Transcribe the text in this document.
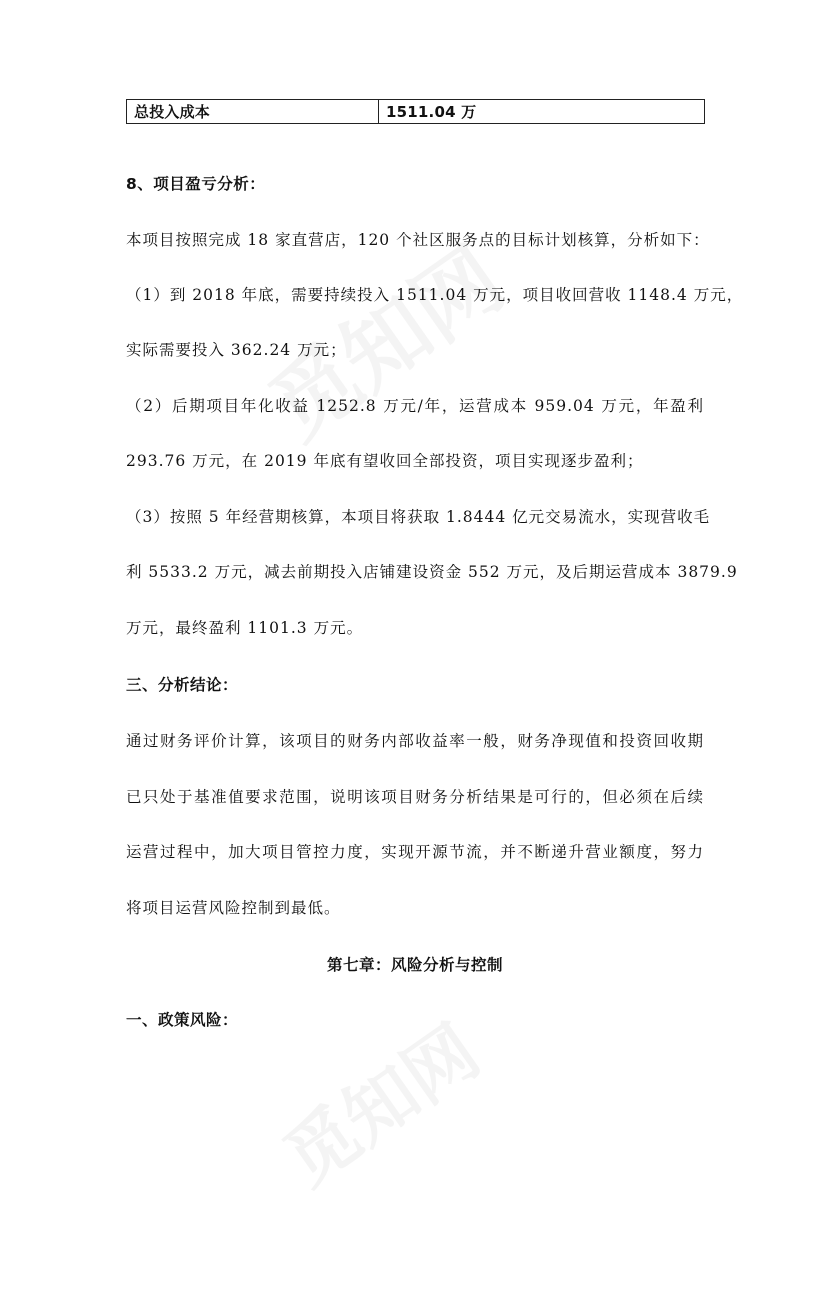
总投入成本	1511.04 万
8、项目盈亏分析：
本项目按照完成 18 家直营店，120 个社区服务点的目标计划核算，分析如下：
（1）到 2018 年底，需要持续投入 1511.04 万元，项目收回营收 1148.4 万元，
实际需要投入 362.24 万元；
（2）后期项目年化收益 1252.8 万元/年，运营成本 959.04 万元，年盈利
293.76 万元，在 2019 年底有望收回全部投资，项目实现逐步盈利；
（3）按照 5 年经营期核算，本项目将获取 1.8444 亿元交易流水，实现营收毛
利 5533.2 万元，减去前期投入店铺建设资金 552 万元，及后期运营成本 3879.9
万元，最终盈利 1101.3 万元。
三、分析结论：
通过财务评价计算，该项目的财务内部收益率一般，财务净现值和投资回收期
已只处于基准值要求范围，说明该项目财务分析结果是可行的，但必须在后续
运营过程中，加大项目管控力度，实现开源节流，并不断递升营业额度，努力
将项目运营风险控制到最低。
第七章：风险分析与控制
一、政策风险：
